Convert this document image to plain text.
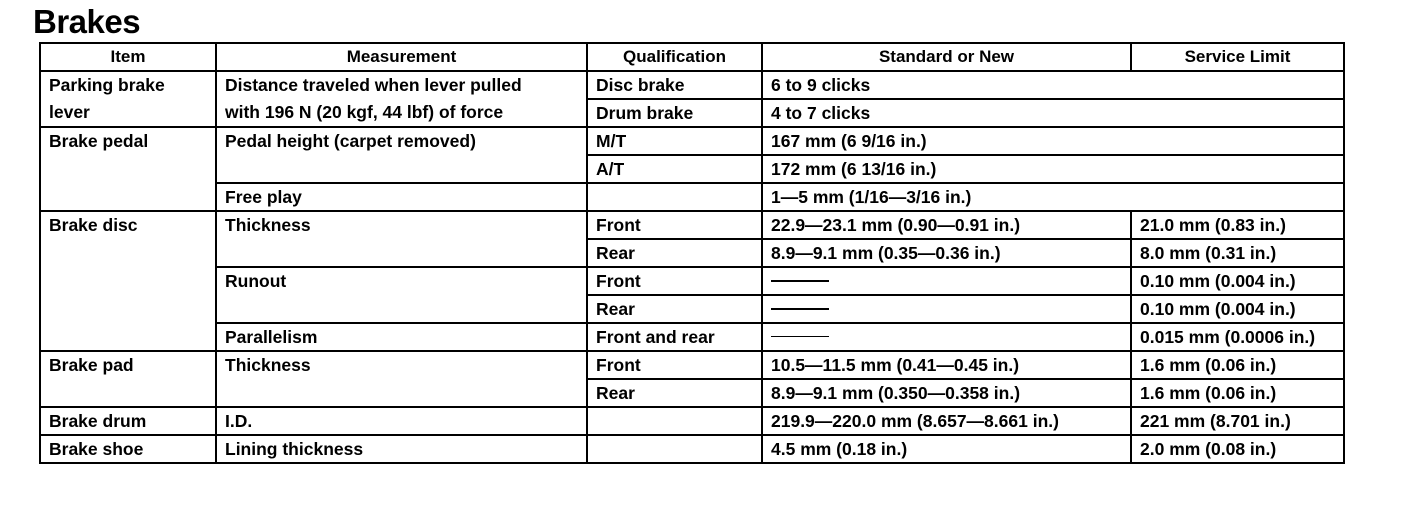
Brakes
Item	Measurement	Qualification	Standard or New	Service Limit
Parking brake	Distance traveled when lever pulled	Disc brake	6 to 9 clicks	
lever	with 196 N (20 kgf, 44 lbf) of force	Drum brake	4 to 7 clicks	
Brake pedal	Pedal height (carpet removed)	M/T	167 mm (6 9/16 in.)	
		A/T	172 mm (6 13/16 in.)	
	Free play		1—5 mm (1/16—3/16 in.)	
Brake disc	Thickness	Front	22.9—23.1 mm (0.90—0.91 in.)	21.0 mm (0.83 in.)
		Rear	8.9—9.1 mm (0.35—0.36 in.)	8.0 mm (0.31 in.)
	Runout	Front		0.10 mm (0.004 in.)
		Rear		0.10 mm (0.004 in.)
	Parallelism	Front and rear		0.015 mm (0.0006 in.)
Brake pad	Thickness	Front	10.5—11.5 mm (0.41—0.45 in.)	1.6 mm (0.06 in.)
		Rear	8.9—9.1 mm (0.350—0.358 in.)	1.6 mm (0.06 in.)
Brake drum	I.D.		219.9—220.0 mm (8.657—8.661 in.)	221 mm (8.701 in.)
Brake shoe	Lining thickness		4.5 mm (0.18 in.)	2.0 mm (0.08 in.)
